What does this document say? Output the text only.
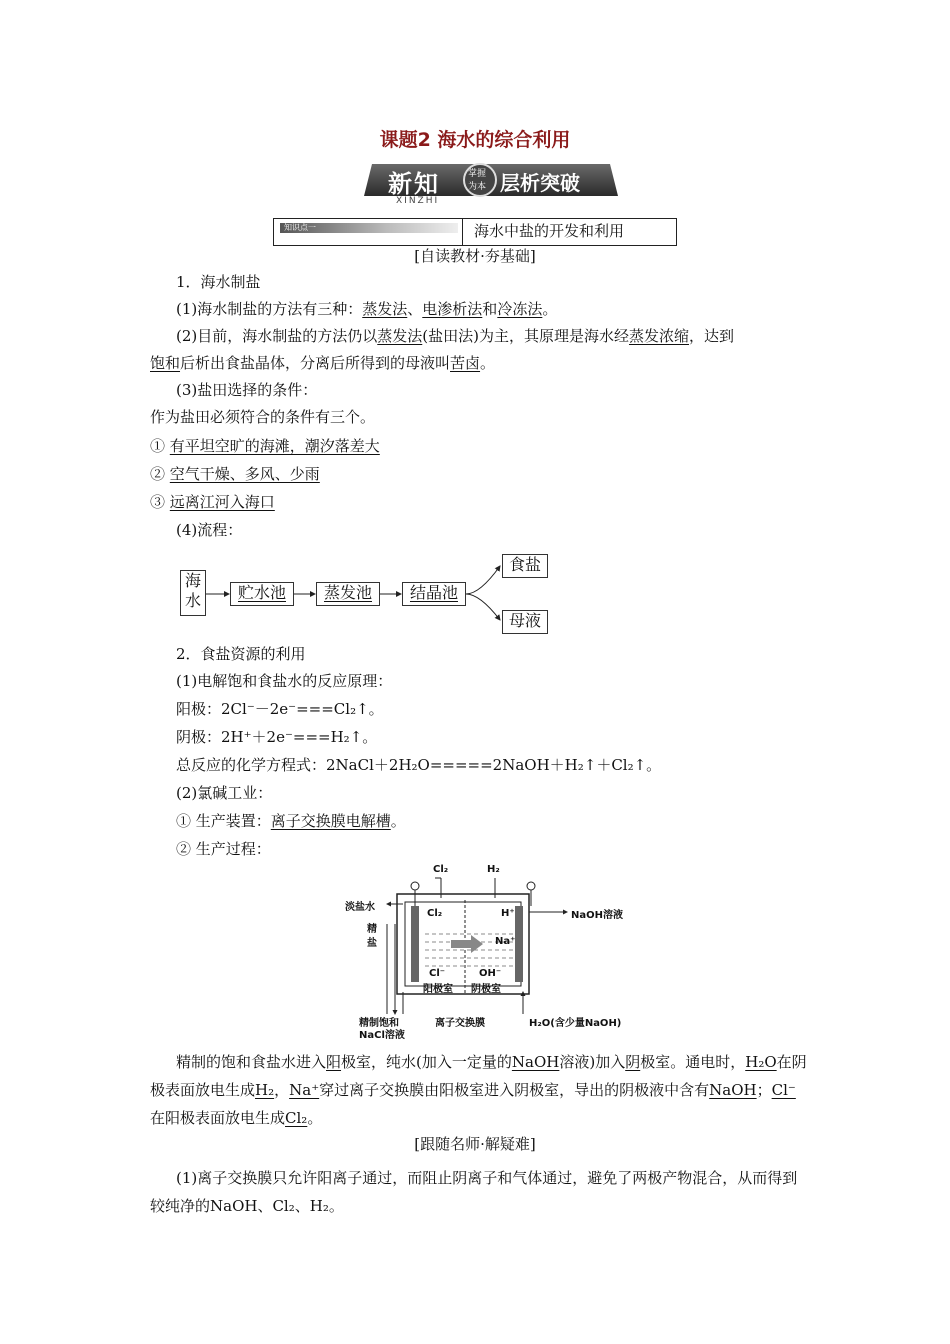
课题2 海水的综合利用
新知	掌握
为本 层析突破
XINZHI
知识点一	海水中盐的开发和利用
[自读教材·夯基础]
1．海水制盐
(1)海水制盐的方法有三种：蒸发法、电渗析法和冷冻法。
(2)目前，海水制盐的方法仍以蒸发法(盐田法)为主，其原理是海水经蒸发浓缩，达到
饱和后析出食盐晶体，分离后所得到的母液叫苦卤。
(3)盐田选择的条件：
作为盐田必须符合的条件有三个。
① 有平坦空旷的海滩，潮汐落差大
② 空气干燥、多风、少雨
③ 远离江河入海口
(4)流程：
海
水	贮水池	蒸发池	结晶池
食盐
母液
2．食盐资源的利用
(1)电解饱和食盐水的反应原理：
阳极：2Cl⁻－2e⁻===Cl₂↑。
阴极：2H⁺＋2e⁻===H₂↑。
总反应的化学方程式：2NaCl＋2H₂O=====2NaOH＋H₂↑＋Cl₂↑。
(2)氯碱工业：
① 生产装置：离子交换膜电解槽。
② 生产过程：
Cl₂	H₂
淡盐水
精
盐
NaOH溶液
Cl₂	H⁺
Na⁺
Cl⁻	OH⁻
阳极室 阴极室
精制饱和
NaCl溶液
离子交换膜	H₂O(含少量NaOH)
精制的饱和食盐水进入阳极室，纯水(加入一定量的NaOH溶液)加入阴极室。通电时，H₂O在阴极表面放电生成H₂，Na⁺穿过离子交换膜由阳极室进入阴极室，导出的阴极液中含有NaOH；Cl⁻在阳极表面放电生成Cl₂。
[跟随名师·解疑难]
(1)离子交换膜只允许阳离子通过，而阻止阴离子和气体通过，避免了两极产物混合，从而得到较纯净的NaOH、Cl₂、H₂。
